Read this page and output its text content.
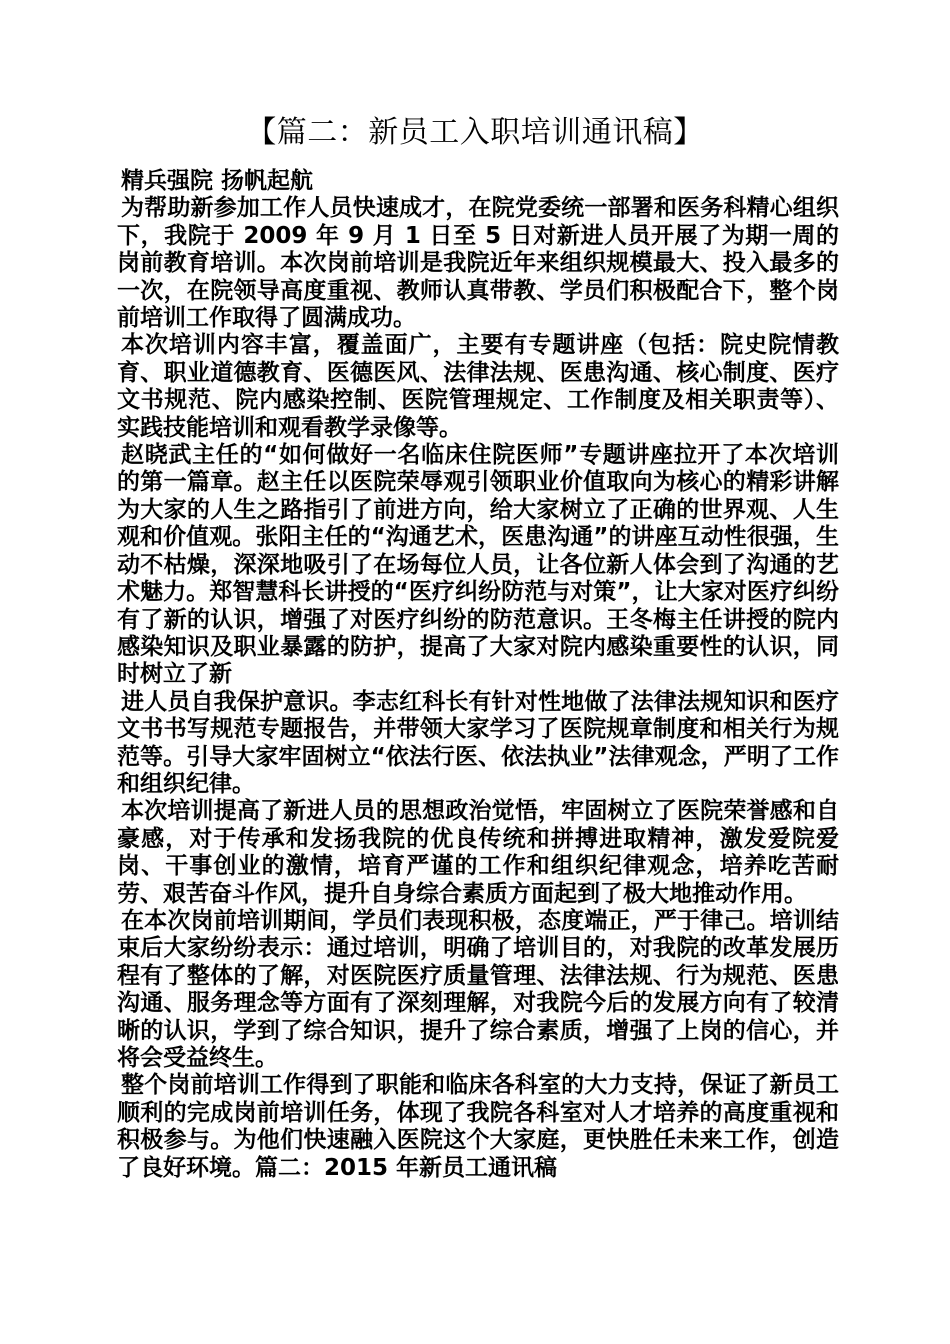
【篇二：新员工入职培训通讯稿】

精兵强院 扬帆起航

为帮助新参加工作人员快速成才，在院党委统一部署和医务科精心组织下，我院于 2009 年 9 月 1 日至 5 日对新进人员开展了为期一周的岗前教育培训。本次岗前培训是我院近年来组织规模最大、投入最多的一次，在院领导高度重视、教师认真带教、学员们积极配合下，整个岗前培训工作取得了圆满成功。

本次培训内容丰富，覆盖面广，主要有专题讲座（包括：院史院情教育、职业道德教育、医德医风、法律法规、医患沟通、核心制度、医疗文书规范、院内感染控制、医院管理规定、工作制度及相关职责等）、实践技能培训和观看教学录像等。

赵晓武主任的“如何做好一名临床住院医师”专题讲座拉开了本次培训的第一篇章。赵主任以医院荣辱观引领职业价值取向为核心的精彩讲解为大家的人生之路指引了前进方向，给大家树立了正确的世界观、人生观和价值观。张阳主任的“沟通艺术，医患沟通”的讲座互动性很强，生动不枯燥，深深地吸引了在场每位人员，让各位新人体会到了沟通的艺术魅力。郑智慧科长讲授的“医疗纠纷防范与对策”，让大家对医疗纠纷有了新的认识，增强了对医疗纠纷的防范意识。王冬梅主任讲授的院内感染知识及职业暴露的防护，提高了大家对院内感染重要性的认识，同时树立了新

进人员自我保护意识。李志红科长有针对性地做了法律法规知识和医疗文书书写规范专题报告，并带领大家学习了医院规章制度和相关行为规范等。引导大家牢固树立“依法行医、依法执业”法律观念，严明了工作和组织纪律。

本次培训提高了新进人员的思想政治觉悟，牢固树立了医院荣誉感和自豪感，对于传承和发扬我院的优良传统和拼搏进取精神，激发爱院爱岗、干事创业的激情，培育严谨的工作和组织纪律观念，培养吃苦耐劳、艰苦奋斗作风，提升自身综合素质方面起到了极大地推动作用。

在本次岗前培训期间，学员们表现积极，态度端正，严于律己。培训结束后大家纷纷表示：通过培训，明确了培训目的，对我院的改革发展历程有了整体的了解，对医院医疗质量管理、法律法规、行为规范、医患沟通、服务理念等方面有了深刻理解，对我院今后的发展方向有了较清晰的认识，学到了综合知识，提升了综合素质，增强了上岗的信心，并将会受益终生。

整个岗前培训工作得到了职能和临床各科室的大力支持，保证了新员工顺利的完成岗前培训任务，体现了我院各科室对人才培养的高度重视和积极参与。为他们快速融入医院这个大家庭，更快胜任未来工作，创造了良好环境。篇二：2015 年新员工通讯稿
